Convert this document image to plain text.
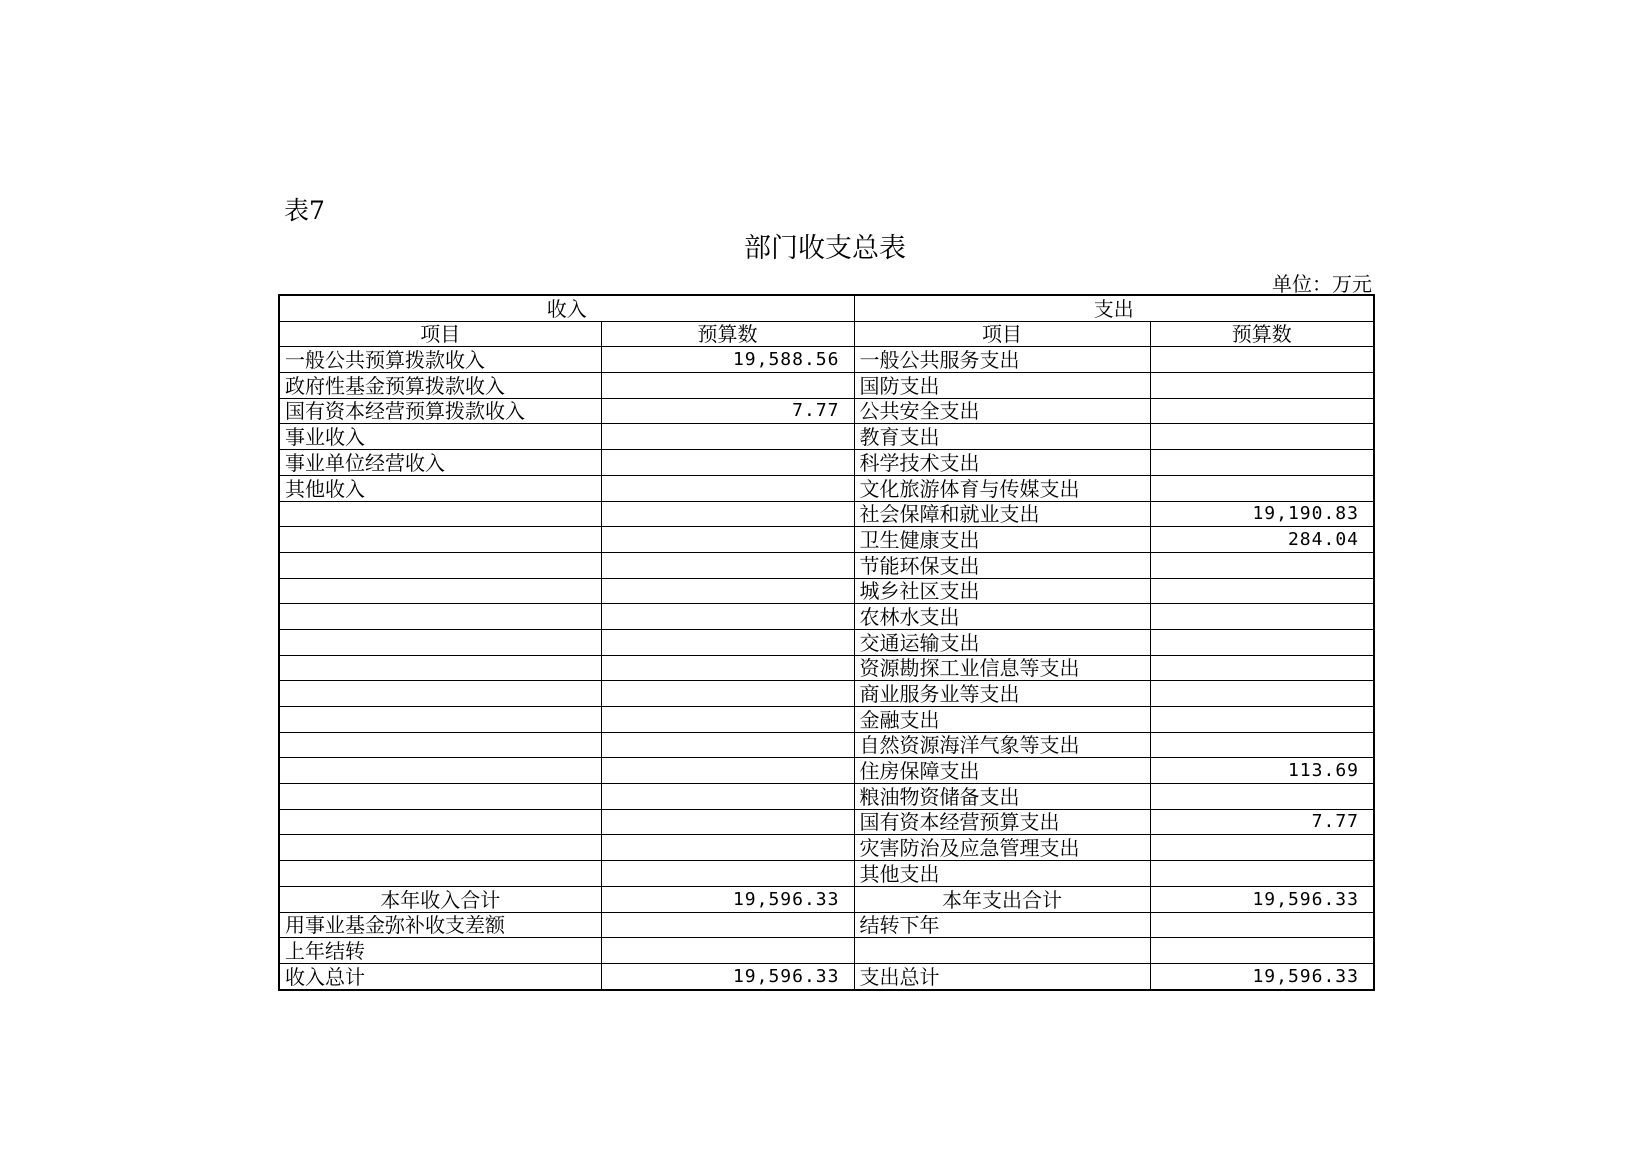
表7
部门收支总表
单位：万元
收入		支出	
项目	预算数	项目	预算数
一般公共预算拨款收入	19,588.56	一般公共服务支出	
政府性基金预算拨款收入		国防支出	
国有资本经营预算拨款收入	7.77	公共安全支出	
事业收入		教育支出	
事业单位经营收入		科学技术支出	
其他收入		文化旅游体育与传媒支出	
		社会保障和就业支出	19,190.83
		卫生健康支出	284.04
		节能环保支出	
		城乡社区支出	
		农林水支出	
		交通运输支出	
		资源勘探工业信息等支出	
		商业服务业等支出	
		金融支出	
		自然资源海洋气象等支出	
		住房保障支出	113.69
		粮油物资储备支出	
		国有资本经营预算支出	7.77
		灾害防治及应急管理支出	
		其他支出	
本年收入合计	19,596.33	本年支出合计	19,596.33
用事业基金弥补收支差额		结转下年	
上年结转			
收入总计	19,596.33	支出总计	19,596.33
